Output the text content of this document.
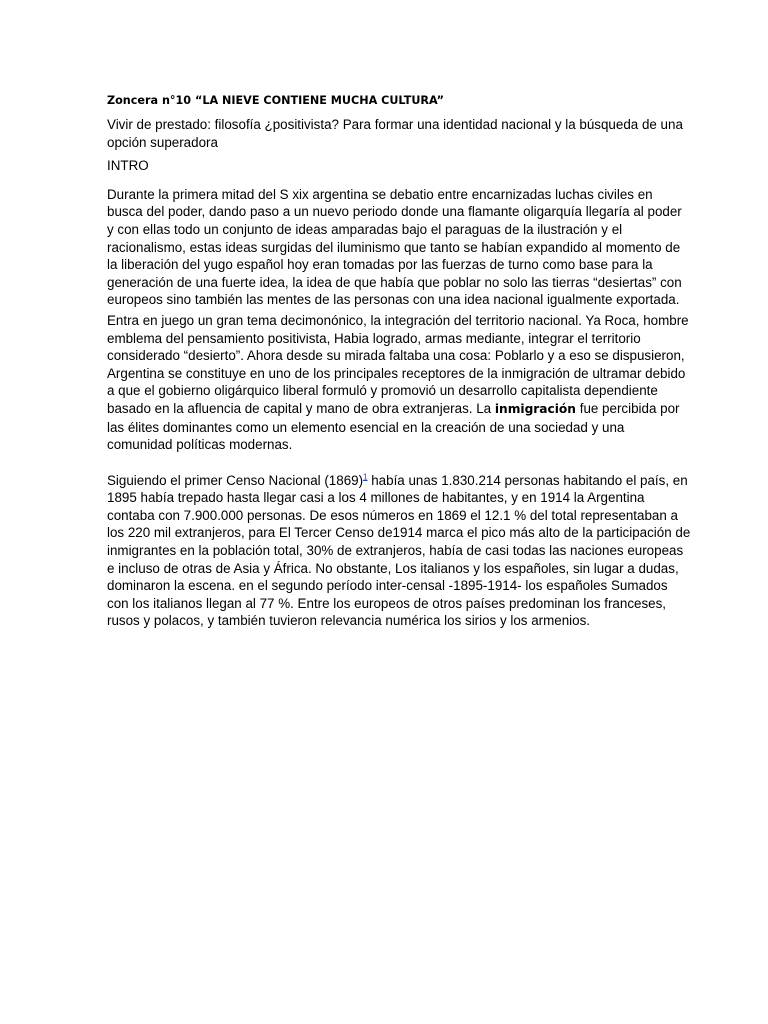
Zoncera n°10 “LA NIEVE CONTIENE MUCHA CULTURA”
Vivir de prestado: filosofía ¿positivista? Para formar una identidad nacional y la búsqueda de una opción superadora
INTRO

Durante la primera mitad del S xix argentina se debatio entre encarnizadas luchas civiles en busca del poder, dando paso a un nuevo periodo donde una flamante oligarquía llegaría al poder y con ellas todo un conjunto de ideas amparadas bajo el paraguas de la ilustración y el racionalismo, estas ideas surgidas del iluminismo que tanto se habían expandido al momento de la liberación del yugo español hoy eran tomadas por las fuerzas de turno como base para la generación de una fuerte idea, la idea de que había que poblar no solo las tierras “desiertas” con europeos sino también las mentes de las personas con una idea nacional igualmente exportada.

Entra en juego un gran tema decimonónico, la integración del territorio nacional. Ya Roca, hombre emblema del pensamiento positivista, Habia logrado, armas mediante, integrar el territorio considerado “desierto”. Ahora desde su mirada faltaba una cosa: Poblarlo y a eso se dispusieron, Argentina se constituye en uno de los principales receptores de la inmigración de ultramar debido a que el gobierno oligárquico liberal formuló y promovió un desarrollo capitalista dependiente basado en la afluencia de capital y mano de obra extranjeras. La inmigración fue percibida por las élites dominantes como un elemento esencial en la creación de una sociedad y una comunidad políticas modernas.

Siguiendo el primer Censo Nacional (1869)$^1$ había unas 1.830.214 personas habitando el país, en 1895 había trepado hasta llegar casi a los 4 millones de habitantes, y en 1914 la Argentina contaba con 7.900.000 personas. De esos números en 1869 el 12.1 % del total representaban a los 220 mil extranjeros, para El Tercer Censo de1914 marca el pico más alto de la participación de inmigrantes en la población total, 30% de extranjeros, había de casi todas las naciones europeas e incluso de otras de Asia y África. No obstante, Los italianos y los españoles, sin lugar a dudas, dominaron la escena. en el segundo período inter-censal -1895-1914- los españoles Sumados con los italianos llegan al 77 %. Entre los europeos de otros países predominan los franceses, rusos y polacos, y también tuvieron relevancia numérica los sirios y los armenios.
